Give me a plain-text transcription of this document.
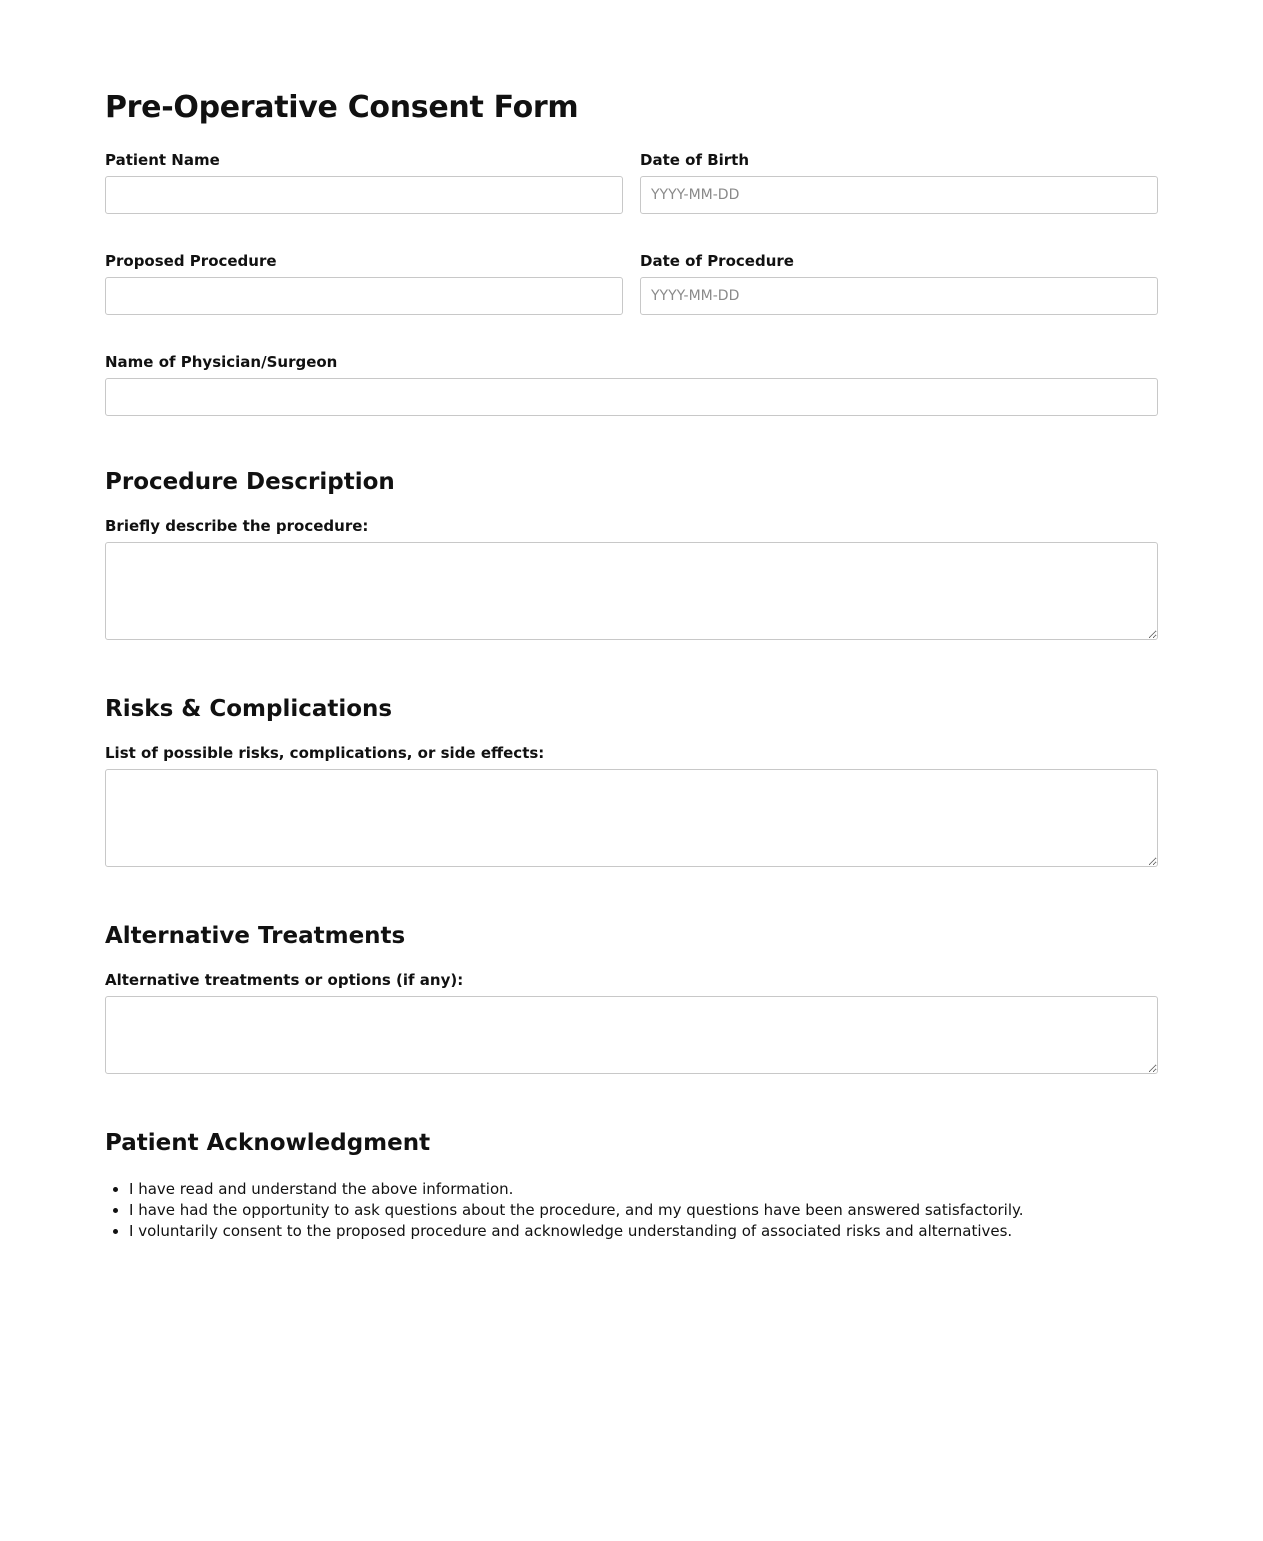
Pre-Operative Consent Form
Patient Name	Date of Birth
YYYY-MM-DD
Proposed Procedure	Date of Procedure
YYYY-MM-DD
Name of Physician/Surgeon
Procedure Description
Briefly describe the procedure:
Risks & Complications
List of possible risks, complications, or side effects:
Alternative Treatments
Alternative treatments or options (if any):
Patient Acknowledgment
• I have read and understand the above information.
• I have had the opportunity to ask questions about the procedure, and my questions have been answered satisfactorily.
• I voluntarily consent to the proposed procedure and acknowledge understanding of associated risks and alternatives.
